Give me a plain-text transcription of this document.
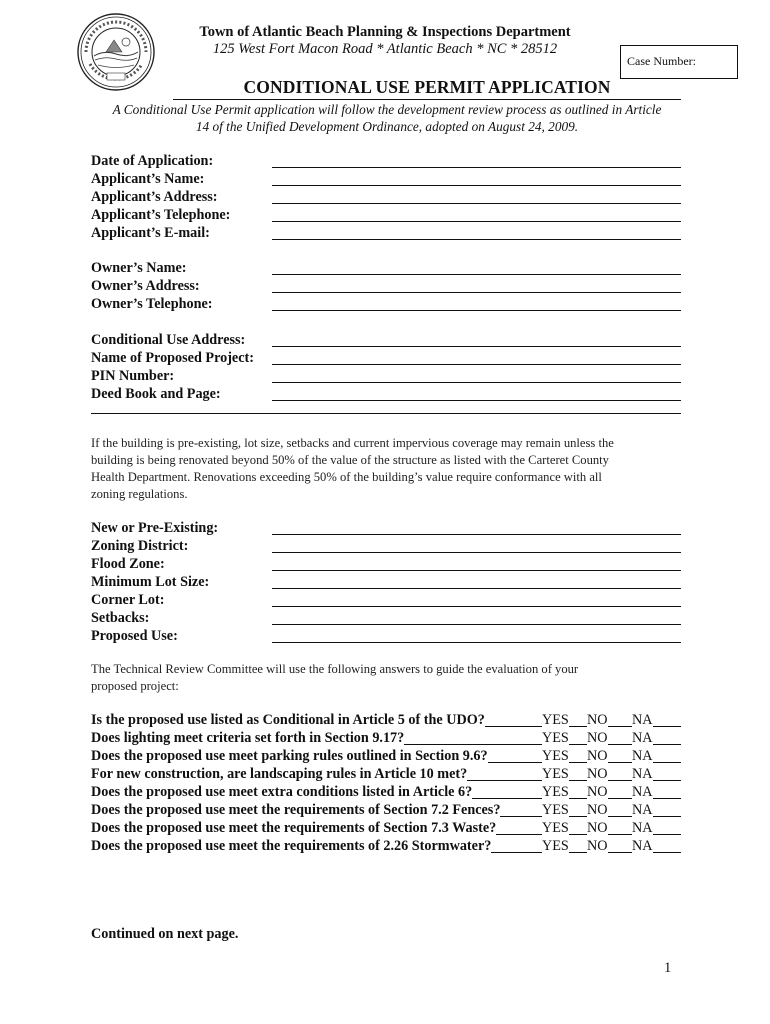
Town of Atlantic Beach Planning & Inspections Department
125 West Fort Macon Road * Atlantic Beach * NC * 28512
Case Number:
CONDITIONAL USE PERMIT APPLICATION
A Conditional Use Permit application will follow the development review process as outlined in Article
14 of the Unified Development Ordinance, adopted on August 24, 2009.
Date of Application:
Applicant’s Name:
Applicant’s Address:
Applicant’s Telephone:
Applicant’s E-mail:
Owner’s Name:
Owner’s Address:
Owner’s Telephone:
Conditional Use Address:
Name of Proposed Project:
PIN Number:
Deed Book and Page:
If the building is pre-existing, lot size, setbacks and current impervious coverage may remain unless the
building is being renovated beyond 50% of the value of the structure as listed with the Carteret County
Health Department. Renovations exceeding 50% of the building’s value require conformance with all
zoning regulations.
New or Pre-Existing:
Zoning District:
Flood Zone:
Minimum Lot Size:
Corner Lot:
Setbacks:
Proposed Use:
The Technical Review Committee will use the following answers to guide the evaluation of your
proposed project:
Is the proposed use listed as Conditional in Article 5 of the UDO?	YES NO NA
Does lighting meet criteria set forth in Section 9.17?	YES NO NA
Does the proposed use meet parking rules outlined in Section 9.6?	YES NO NA
For new construction, are landscaping rules in Article 10 met?	YES NO NA
Does the proposed use meet extra conditions listed in Article 6?	YES NO NA
Does the proposed use meet the requirements of Section 7.2 Fences?	YES NO NA
Does the proposed use meet the requirements of Section 7.3 Waste?	YES NO NA
Does the proposed use meet the requirements of 2.26 Stormwater?	YES NO NA
Continued on next page.
1
